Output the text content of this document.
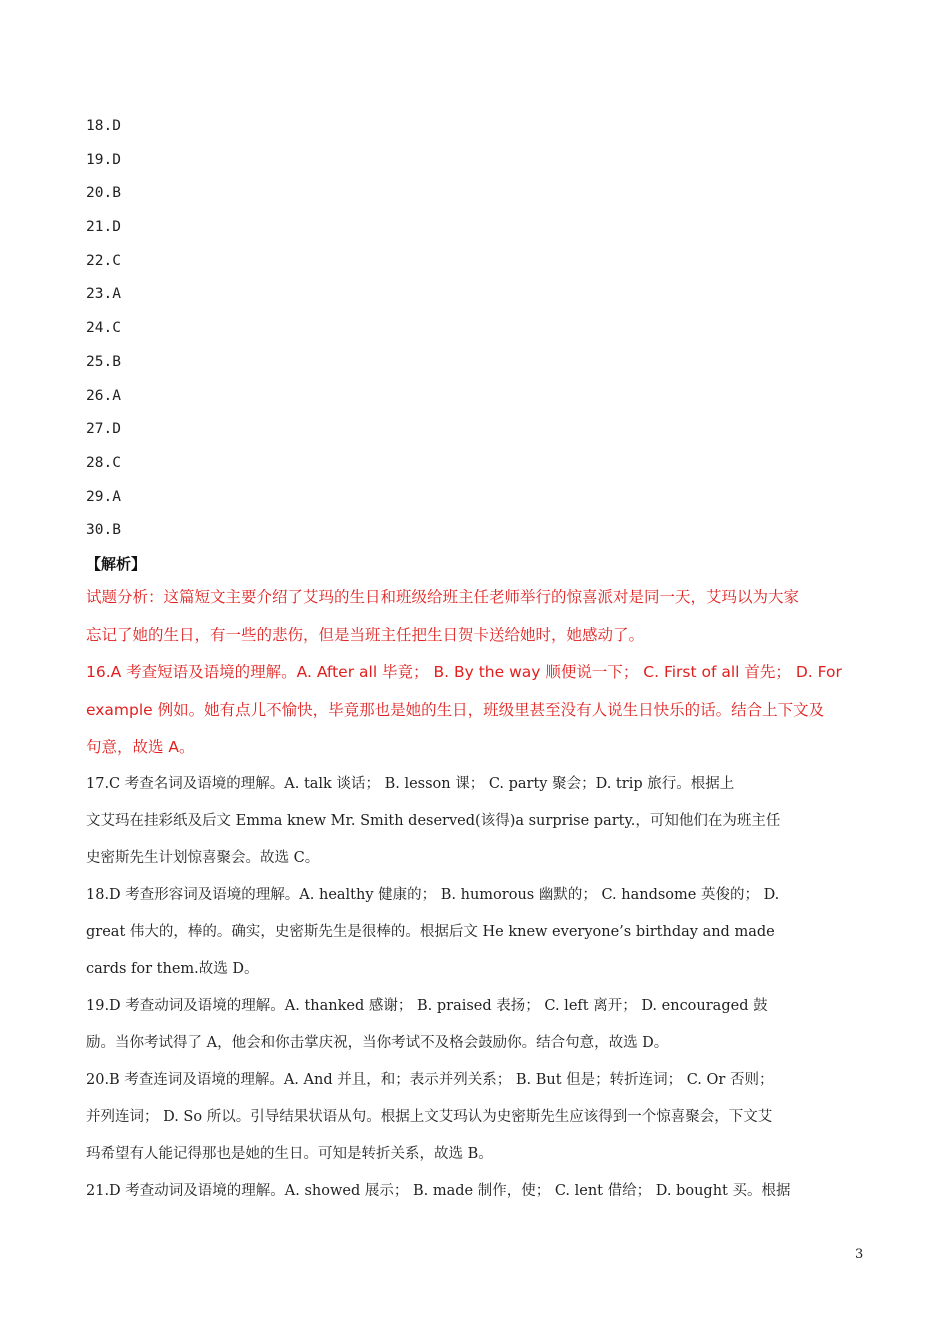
18.D
19.D
20.B
21.D
22.C
23.A
24.C
25.B
26.A
27.D
28.C
29.A
30.B
【解析】
试题分析：这篇短文主要介绍了艾玛的生日和班级给班主任老师举行的惊喜派对是同一天，艾玛以为大家
忘记了她的生日，有一些的悲伤，但是当班主任把生日贺卡送给她时，她感动了。
16.A 考查短语及语境的理解。A. After all 毕竟； B. By the way 顺便说一下； C. First of all 首先； D. For
example 例如。她有点儿不愉快，毕竟那也是她的生日，班级里甚至没有人说生日快乐的话。结合上下文及
句意，故选 A。
17.C 考查名词及语境的理解。A. talk 谈话； B. lesson 课； C. party 聚会；D. trip 旅行。根据上
文艾玛在挂彩纸及后文 Emma knew Mr. Smith deserved(该得)a surprise party.，可知他们在为班主任
史密斯先生计划惊喜聚会。故选 C。
18.D 考查形容词及语境的理解。A. healthy 健康的； B. humorous 幽默的； C. handsome 英俊的； D.
great 伟大的，棒的。确实，史密斯先生是很棒的。根据后文 He knew everyone’s birthday and made
cards for them.故选 D。
19.D 考查动词及语境的理解。A. thanked 感谢； B. praised 表扬； C. left 离开； D. encouraged 鼓
励。当你考试得了 A，他会和你击掌庆祝，当你考试不及格会鼓励你。结合句意，故选 D。
20.B 考查连词及语境的理解。A. And 并且，和；表示并列关系； B. But 但是；转折连词； C. Or 否则；
并列连词； D. So 所以。引导结果状语从句。根据上文艾玛认为史密斯先生应该得到一个惊喜聚会，下文艾
玛希望有人能记得那也是她的生日。可知是转折关系，故选 B。
21.D 考查动词及语境的理解。A. showed 展示； B. made 制作，使； C. lent 借给； D. bought 买。根据
3
